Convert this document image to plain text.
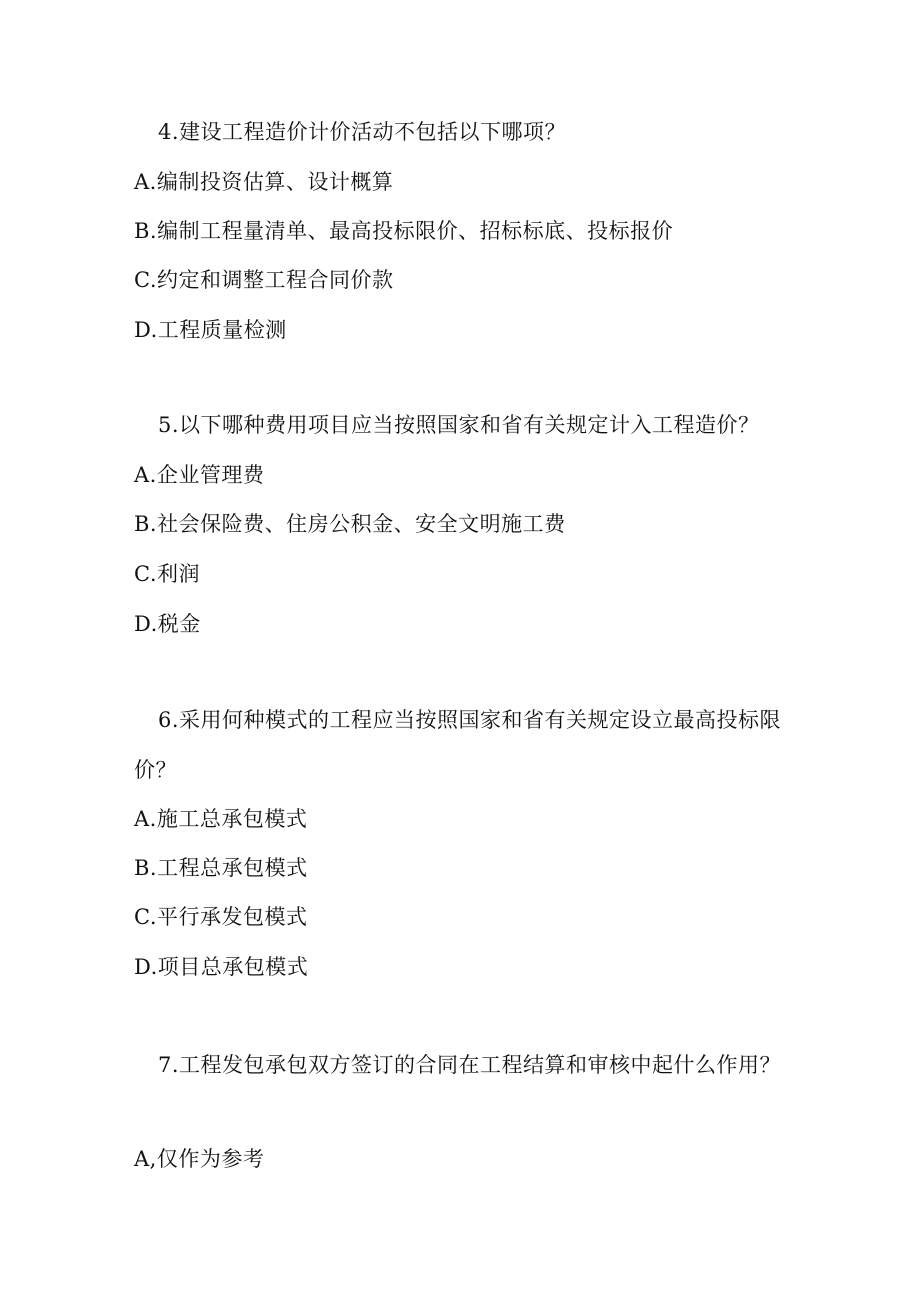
4.建设工程造价计价活动不包括以下哪项？
A.编制投资估算、设计概算
B.编制工程量清单、最高投标限价、招标标底、投标报价
C.约定和调整工程合同价款
D.工程质量检测
5.以下哪种费用项目应当按照国家和省有关规定计入工程造价？
A.企业管理费
B.社会保险费、住房公积金、安全文明施工费
C.利润
D.税金
6.采用何种模式的工程应当按照国家和省有关规定设立最高投标限
价？
A.施工总承包模式
B.工程总承包模式
C.平行承发包模式
D.项目总承包模式
7.工程发包承包双方签订的合同在工程结算和审核中起什么作用？
A,仅作为参考
